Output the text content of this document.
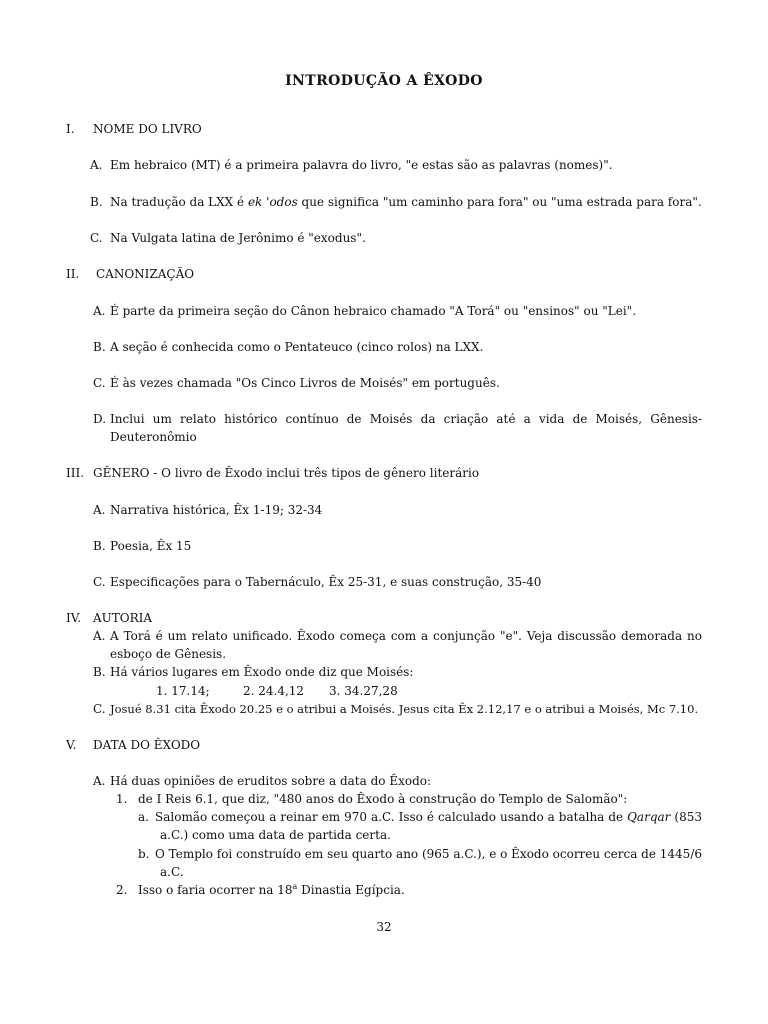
INTRODUÇÃO A ÊXODO
I. NOME DO LIVRO
A. Em hebraico (MT) é a primeira palavra do livro, "e estas são as palavras (nomes)".
B. Na tradução da LXX é ek 'odos que significa "um caminho para fora" ou "uma estrada para fora".
C. Na Vulgata latina de Jerônimo é "exodus".
II. CANONIZAÇÃO
A. É parte da primeira seção do Cânon hebraico chamado "A Torá" ou "ensinos" ou "Lei".
B. A seção é conhecida como o Pentateuco (cinco rolos) na LXX.
C. É às vezes chamada "Os Cinco Livros de Moisés" em português.
D. Inclui um relato histórico contínuo de Moisés da criação até a vida de Moisés, Gênesis-
Deuteronômio
III. GÊNERO - O livro de Êxodo inclui três tipos de gênero literário
A. Narrativa histórica, Êx 1-19; 32-34
B. Poesia, Êx 15
C. Especificações para o Tabernáculo, Êx 25-31, e suas construção, 35-40
IV. AUTORIA
A. A Torá é um relato unificado. Êxodo começa com a conjunção "e". Veja discussão demorada no
esboço de Gênesis.
B. Há vários lugares em Êxodo onde diz que Moisés:
1. 17.14;	2. 24.4,12 3. 34.27,28
C. Josué 8.31 cita Êxodo 20.25 e o atribui a Moisés. Jesus cita Êx 2.12,17 e o atribui a Moisés, Mc 7.10.
V. DATA DO ÊXODO
A. Há duas opiniões de eruditos sobre a data do Êxodo:
1. de I Reis 6.1, que diz, "480 anos do Êxodo à construção do Templo de Salomão":
a. Salomão começou a reinar em 970 a.C. Isso é calculado usando a batalha de Qarqar (853
a.C.) como uma data de partida certa.
b. O Templo foi construído em seu quarto ano (965 a.C.), e o Êxodo ocorreu cerca de 1445/6
a.C.
2. Isso o faria ocorrer na 18$^a$ Dinastia Egípcia.
32
